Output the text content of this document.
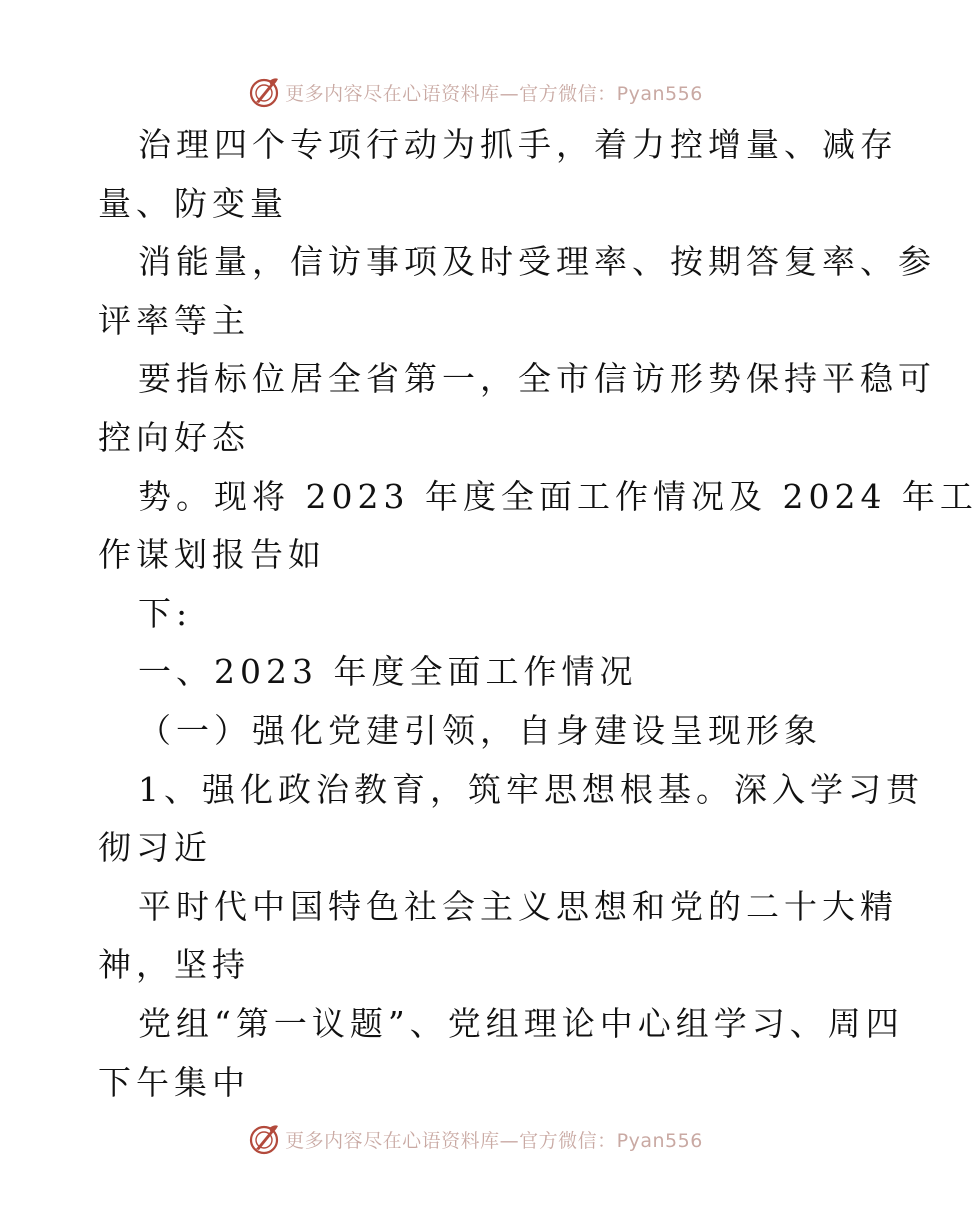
更多内容尽在心语资料库—官方微信：Pyan556
治理四个专项行动为抓手，着力控增量、减存
量、防变量
消能量，信访事项及时受理率、按期答复率、参
评率等主
要指标位居全省第一，全市信访形势保持平稳可
控向好态
势。现将 2023 年度全面工作情况及 2024 年工
作谋划报告如
下:
一、2023 年度全面工作情况
（一）强化党建引领，自身建设呈现形象
1、强化政治教育，筑牢思想根基。深入学习贯
彻习近
平时代中国特色社会主义思想和党的二十大精
神，坚持
党组“第一议题”、党组理论中心组学习、周四
下午集中
更多内容尽在心语资料库—官方微信：Pyan556
